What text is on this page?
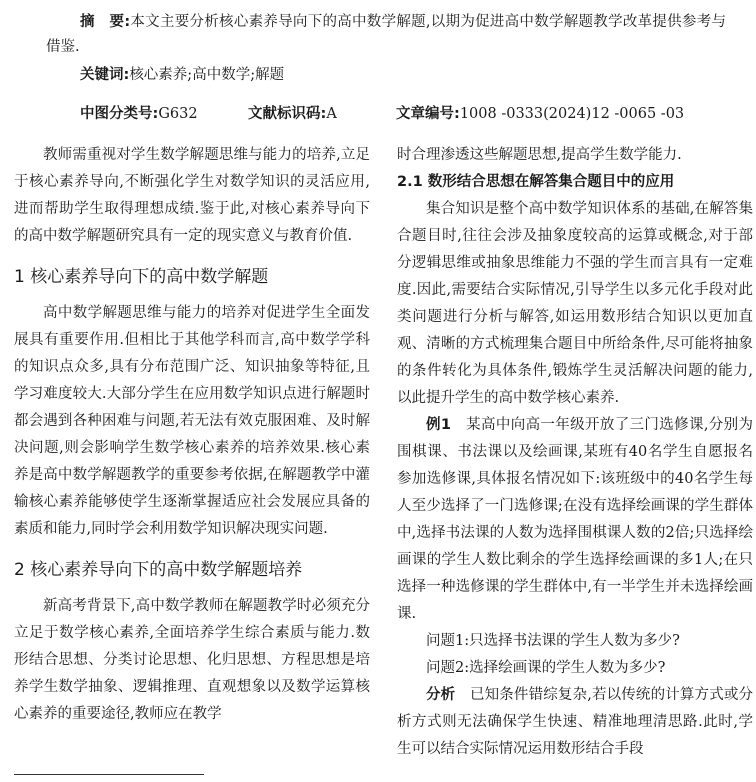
摘　要:本文主要分析核心素养导向下的高中数学解题,以期为促进高中数学解题教学改革提供参考与借鉴.

关键词:核心素养;高中数学;解题

中图分类号:G632	文献标识码:A	文章编号:1008 -0333(2024)12 -0065 -03

教师需重视对学生数学解题思维与能力的培养,立足于核心素养导向,不断强化学生对数学知识的灵活应用,进而帮助学生取得理想成绩.鉴于此,对核心素养导向下的高中数学解题研究具有一定的现实意义与教育价值.

1 核心素养导向下的高中数学解题

高中数学解题思维与能力的培养对促进学生全面发展具有重要作用.但相比于其他学科而言,高中数学学科的知识点众多,具有分布范围广泛、知识抽象等特征,且学习难度较大.大部分学生在应用数学知识点进行解题时都会遇到各种困难与问题,若无法有效克服困难、及时解决问题,则会影响学生数学核心素养的培养效果.核心素养是高中数学解题教学的重要参考依据,在解题教学中灌输核心素养能够使学生逐渐掌握适应社会发展应具备的素质和能力,同时学会利用数学知识解决现实问题.

2 核心素养导向下的高中数学解题培养

新高考背景下,高中数学教师在解题教学时必须充分立足于数学核心素养,全面培养学生综合素质与能力.数形结合思想、分类讨论思想、化归思想、方程思想是培养学生数学抽象、逻辑推理、直观想象以及数学运算核心素养的重要途径,教师应在教学

时合理渗透这些解题思想,提高学生数学能力.

2.1 数形结合思想在解答集合题目中的应用

集合知识是整个高中数学知识体系的基础,在解答集合题目时,往往会涉及抽象度较高的运算或概念,对于部分逻辑思维或抽象思维能力不强的学生而言具有一定难度.因此,需要结合实际情况,引导学生以多元化手段对此类问题进行分析与解答,如运用数形结合知识以更加直观、清晰的方式梳理集合题目中所给条件,尽可能将抽象的条件转化为具体条件,锻炼学生灵活解决问题的能力,以此提升学生的高中数学核心素养.

例1　某高中向高一年级开放了三门选修课,分别为围棋课、书法课以及绘画课,某班有40名学生自愿报名参加选修课,具体报名情况如下:该班级中的40名学生每人至少选择了一门选修课;在没有选择绘画课的学生群体中,选择书法课的人数为选择围棋课人数的2倍;只选择绘画课的学生人数比剩余的学生选择绘画课的多1人;在只选择一种选修课的学生群体中,有一半学生并未选择绘画课.

问题1:只选择书法课的学生人数为多少?

问题2:选择绘画课的学生人数为多少?

分析　已知条件错综复杂,若以传统的计算方式或分析方式则无法确保学生快速、精准地理清思路.此时,学生可以结合实际情况运用数形结合手段
